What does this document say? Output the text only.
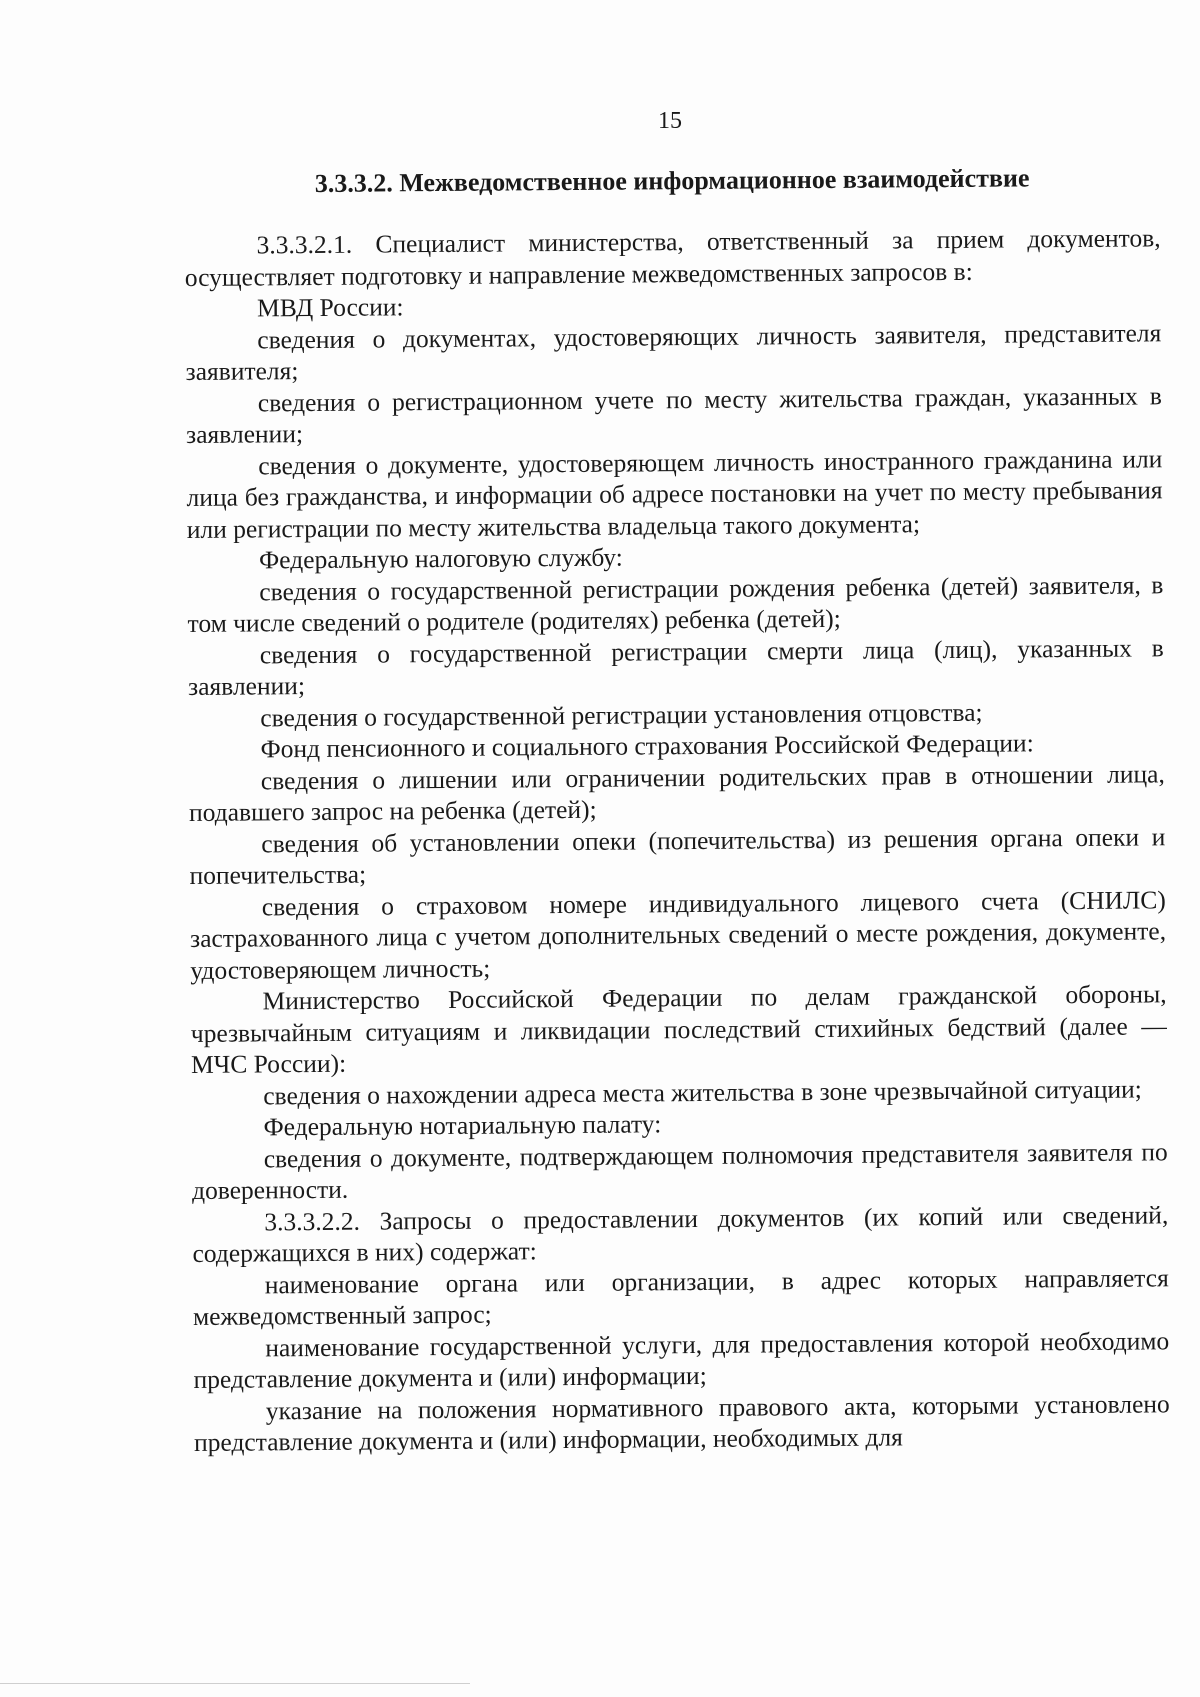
15
3.3.3.2. Межведомственное информационное взаимодействие

3.3.3.2.1. Специалист министерства, ответственный за прием документов, осуществляет подготовку и направление межведомственных запросов в:

МВД России:

сведения о документах, удостоверяющих личность заявителя, представителя заявителя;

сведения о регистрационном учете по месту жительства граждан, указанных в заявлении;

сведения о документе, удостоверяющем личность иностранного гражданина или лица без гражданства, и информации об адресе постановки на учет по месту пребывания или регистрации по месту жительства владельца такого документа;

Федеральную налоговую службу:

сведения о государственной регистрации рождения ребенка (детей) заявителя, в том числе сведений о родителе (родителях) ребенка (детей);

сведения о государственной регистрации смерти лица (лиц), указанных в заявлении;

сведения о государственной регистрации установления отцовства;

Фонд пенсионного и социального страхования Российской Федерации:

сведения о лишении или ограничении родительских прав в отношении лица, подавшего запрос на ребенка (детей);

сведения об установлении опеки (попечительства) из решения органа опеки и попечительства;

сведения о страховом номере индивидуального лицевого счета (СНИЛС) застрахованного лица с учетом дополнительных сведений о месте рождения, документе, удостоверяющем личность;

Министерство Российской Федерации по делам гражданской обороны, чрезвычайным ситуациям и ликвидации последствий стихийных бедствий (далее — МЧС России):

сведения о нахождении адреса места жительства в зоне чрезвычайной ситуации;

Федеральную нотариальную палату:

сведения о документе, подтверждающем полномочия представителя заявителя по доверенности.

3.3.3.2.2. Запросы о предоставлении документов (их копий или сведений, содержащихся в них) содержат:

наименование органа или организации, в адрес которых направляется межведомственный запрос;

наименование государственной услуги, для предоставления которой необходимо представление документа и (или) информации;

указание на положения нормативного правового акта, которыми установлено представление документа и (или) информации, необходимых для
